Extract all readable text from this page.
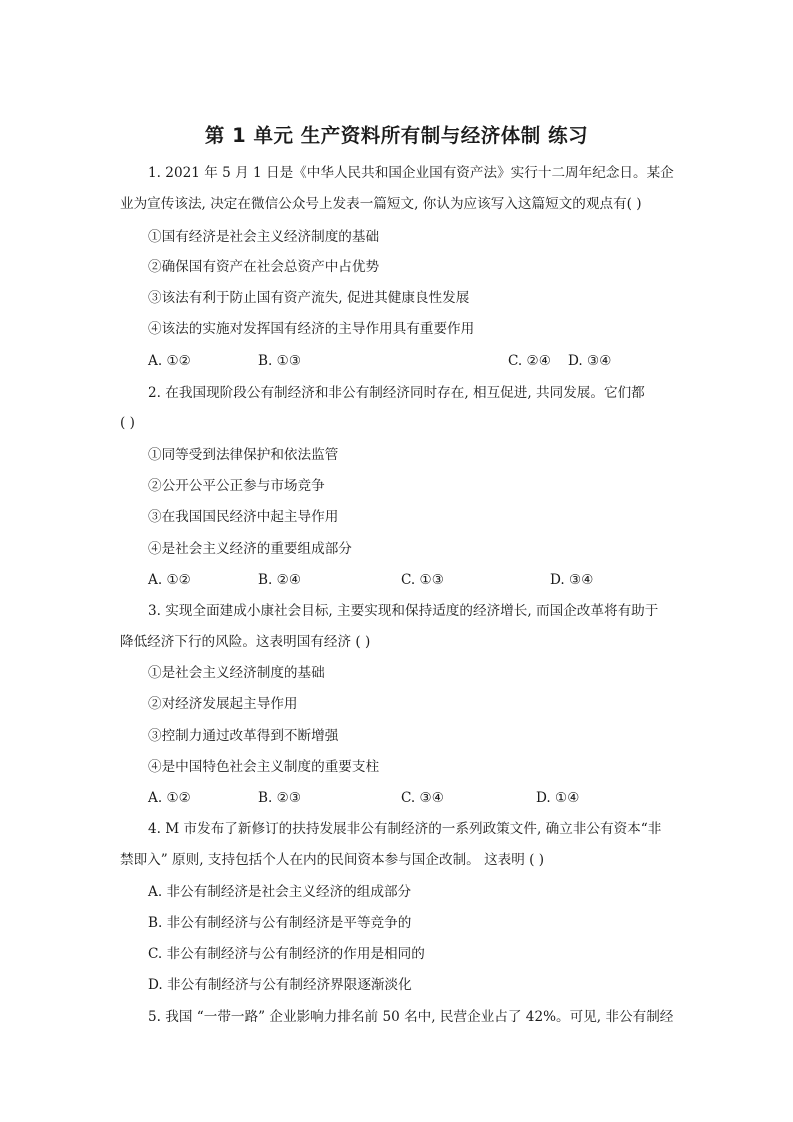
第 1 单元 生产资料所有制与经济体制 练习
1. 2021 年 5 月 1 日是《中华人民共和国企业国有资产法》实行十二周年纪念日。某企
业为宣传该法, 决定在微信公众号上发表一篇短文, 你认为应该写入这篇短文的观点有( )
①国有经济是社会主义经济制度的基础
②确保国有资产在社会总资产中占优势
③该法有利于防止国有资产流失, 促进其健康良性发展
④该法的实施对发挥国有经济的主导作用具有重要作用
A. ①②	B. ①③	C. ②④ D. ③④
2. 在我国现阶段公有制经济和非公有制经济同时存在, 相互促进, 共同发展。它们都
( )
①同等受到法律保护和依法监管
②公开公平公正参与市场竞争
③在我国国民经济中起主导作用
④是社会主义经济的重要组成部分
A. ①②	B. ②④	C. ①③	D. ③④
3. 实现全面建成小康社会目标, 主要实现和保持适度的经济增长, 而国企改革将有助于
降低经济下行的风险。这表明国有经济 ( )
①是社会主义经济制度的基础
②对经济发展起主导作用
③控制力通过改革得到不断增强
④是中国特色社会主义制度的重要支柱
A. ①②	B. ②③	C. ③④	D. ①④
4. M 市发布了新修订的扶持发展非公有制经济的一系列政策文件, 确立非公有资本“非
禁即入” 原则, 支持包括个人在内的民间资本参与国企改制。 这表明 ( )
A. 非公有制经济是社会主义经济的组成部分
B. 非公有制经济与公有制经济是平等竞争的
C. 非公有制经济与公有制经济的作用是相同的
D. 非公有制经济与公有制经济界限逐渐淡化
5. 我国 “一带一路” 企业影响力排名前 50 名中, 民营企业占了 42%。可见, 非公有制经
